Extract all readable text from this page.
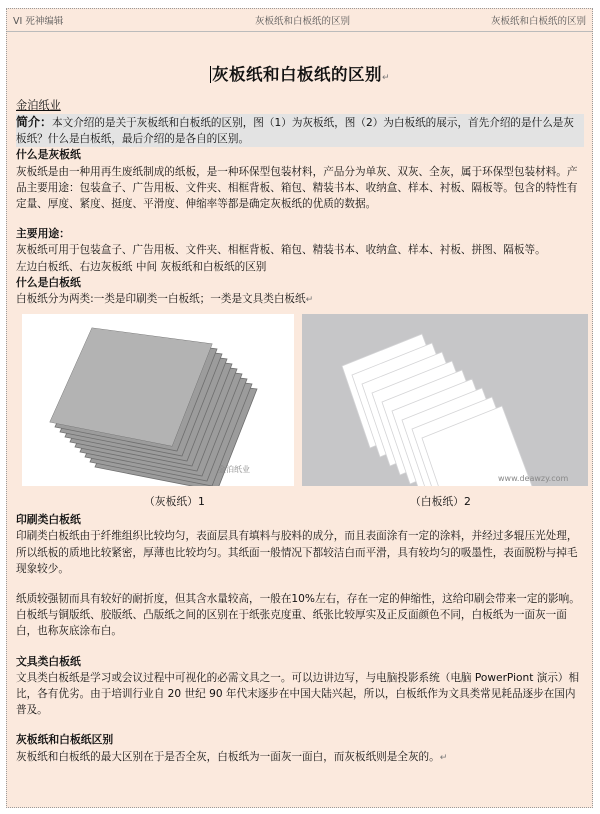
VI 死神编辑	灰板纸和白板纸的区别	灰板纸和白板纸的区别
灰板纸和白板纸的区别↵

金泊纸业

简介：本文介绍的是关于灰板纸和白板纸的区别，图（1）为灰板纸，图（2）为白板纸的展示，首先介绍的是什么是灰板纸？什么是白板纸，最后介绍的是各自的区别。

什么是灰板纸

灰板纸是由一种用再生废纸制成的纸板，是一种环保型包装材料，产品分为单灰、双灰、全灰，属于环保型包装材料。产品主要用途：包装盒子、广告用板、文件夹、相框背板、箱包、精装书本、收纳盒、样本、衬板、隔板等。包含的特性有定量、厚度、紧度、挺度、平滑度、伸缩率等都是确定灰板纸的优质的数据。

主要用途：

灰板纸可用于包装盒子、广告用板、文件夹、相框背板、箱包、精装书本、收纳盒、样本、衬板、拼图、隔板等。

左边白板纸、右边灰板纸 中间 灰板纸和白板纸的区别

什么是白板纸

白板纸分为两类:一类是印刷类一白板纸；一类是文具类白板纸↵

金泊纸业
www.deawzy.com
（灰板纸）1	（白板纸）2

印刷类白板纸

印刷类白板纸由于纤维组织比较均匀，表面层具有填料与胶料的成分，而且表面涂有一定的涂料，并经过多辊压光处理，所以纸板的质地比较紧密，厚薄也比较均匀。其纸面一般情况下都较洁白而平滑，具有较均匀的吸墨性，表面脱粉与掉毛现象较少。

纸质较强韧而具有较好的耐折度，但其含水量较高，一般在10%左右，存在一定的伸缩性，这给印刷会带来一定的影响。白板纸与铜版纸、胶版纸、凸版纸之间的区别在于纸张克度重、纸张比较厚实及正反面颜色不同，白板纸为一面灰一面白，也称灰底涂布白。

文具类白板纸

文具类白板纸是学习或会议过程中可视化的必需文具之一。可以边讲边写，与电脑投影系统（电脑 PowerPiont 演示）相比，各有优劣。由于培训行业自 20 世纪 90 年代末逐步在中国大陆兴起，所以，白板纸作为文具类常见耗品逐步在国内普及。

灰板纸和白板纸区别

灰板纸和白板纸的最大区别在于是否全灰，白板纸为一面灰一面白，而灰板纸则是全灰的。↵
